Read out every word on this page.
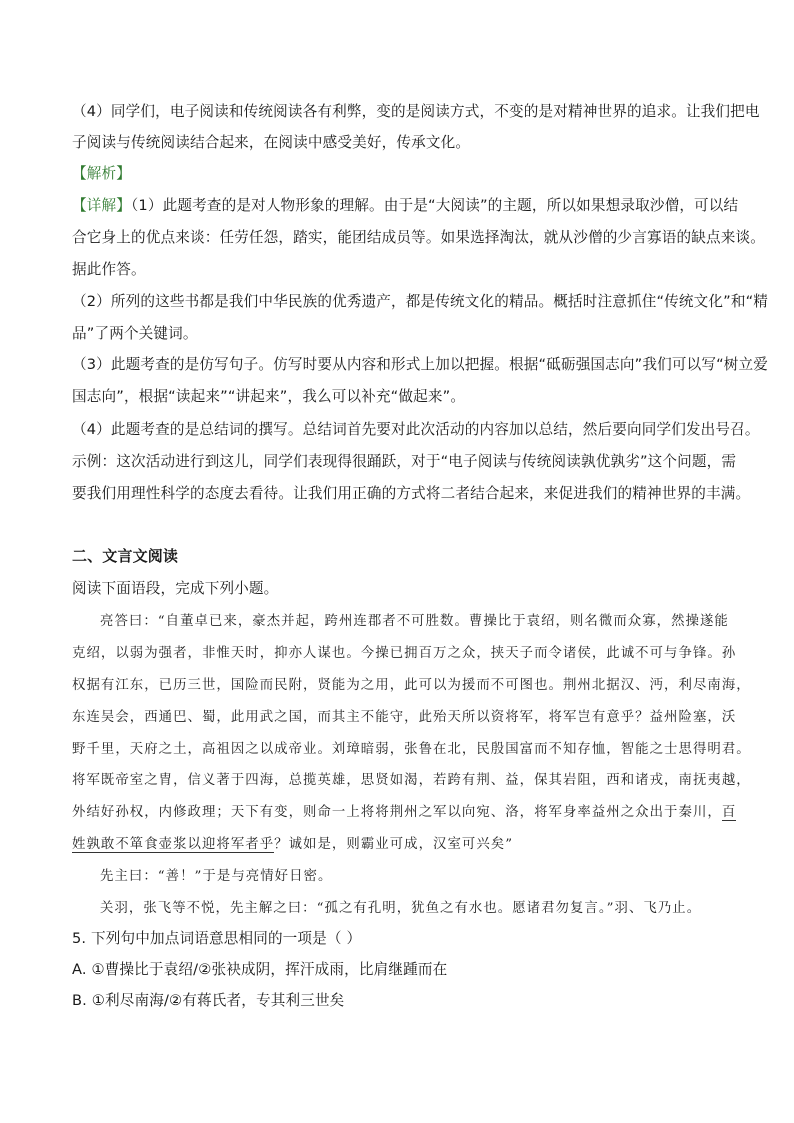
（4）同学们，电子阅读和传统阅读各有利弊，变的是阅读方式，不变的是对精神世界的追求。让我们把电
子阅读与传统阅读结合起来，在阅读中感受美好，传承文化。
【解析】
【详解】（1）此题考查的是对人物形象的理解。由于是“大阅读”的主题，所以如果想录取沙僧，可以结
合它身上的优点来谈：任劳任怨，踏实，能团结成员等。如果选择淘汰，就从沙僧的少言寡语的缺点来谈。
据此作答。
（2）所列的这些书都是我们中华民族的优秀遗产，都是传统文化的精品。概括时注意抓住“传统文化”和“精
品”了两个关键词。
（3）此题考查的是仿写句子。仿写时要从内容和形式上加以把握。根据“砥砺强国志向”我们可以写“树立爱
国志向”，根据“读起来”“讲起来”，我么可以补充“做起来”。
（4）此题考查的是总结词的撰写。总结词首先要对此次活动的内容加以总结，然后要向同学们发出号召。
示例：这次活动进行到这儿，同学们表现得很踊跃，对于“电子阅读与传统阅读孰优孰劣”这个问题，需
要我们用理性科学的态度去看待。让我们用正确的方式将二者结合起来，来促进我们的精神世界的丰满。
二、文言文阅读
阅读下面语段，完成下列小题。
亮答曰：“自董卓已来，豪杰并起，跨州连郡者不可胜数。曹操比于袁绍，则名微而众寡，然操遂能
克绍，以弱为强者，非惟天时，抑亦人谋也。今操已拥百万之众，挟天子而令诸侯，此诚不可与争锋。孙
权据有江东，已历三世，国险而民附，贤能为之用，此可以为援而不可图也。荆州北据汉、沔，利尽南海，
东连吴会，西通巴、蜀，此用武之国，而其主不能守，此殆天所以资将军，将军岂有意乎？益州险塞，沃
野千里，天府之土，高祖因之以成帝业。刘璋暗弱，张鲁在北，民殷国富而不知存恤，智能之士思得明君。
将军既帝室之胄，信义著于四海，总揽英雄，思贤如渴，若跨有荆、益，保其岩阻，西和诸戎，南抚夷越，
外结好孙权，内修政理；天下有变，则命一上将将荆州之军以向宛、洛，将军身率益州之众出于秦川，百
姓孰敢不箪食壶浆以迎将军者乎？诚如是，则霸业可成，汉室可兴矣”
先主曰：“善！”于是与亮情好日密。
关羽，张飞等不悦，先主解之曰：“孤之有孔明，犹鱼之有水也。愿诸君勿复言。”羽、飞乃止。
5. 下列句中加点词语意思相同的一项是（ ）
A. ①曹操比于袁绍/②张袂成阴，挥汗成雨，比肩继踵而在
B. ①利尽南海/②有蒋氏者，专其利三世矣
